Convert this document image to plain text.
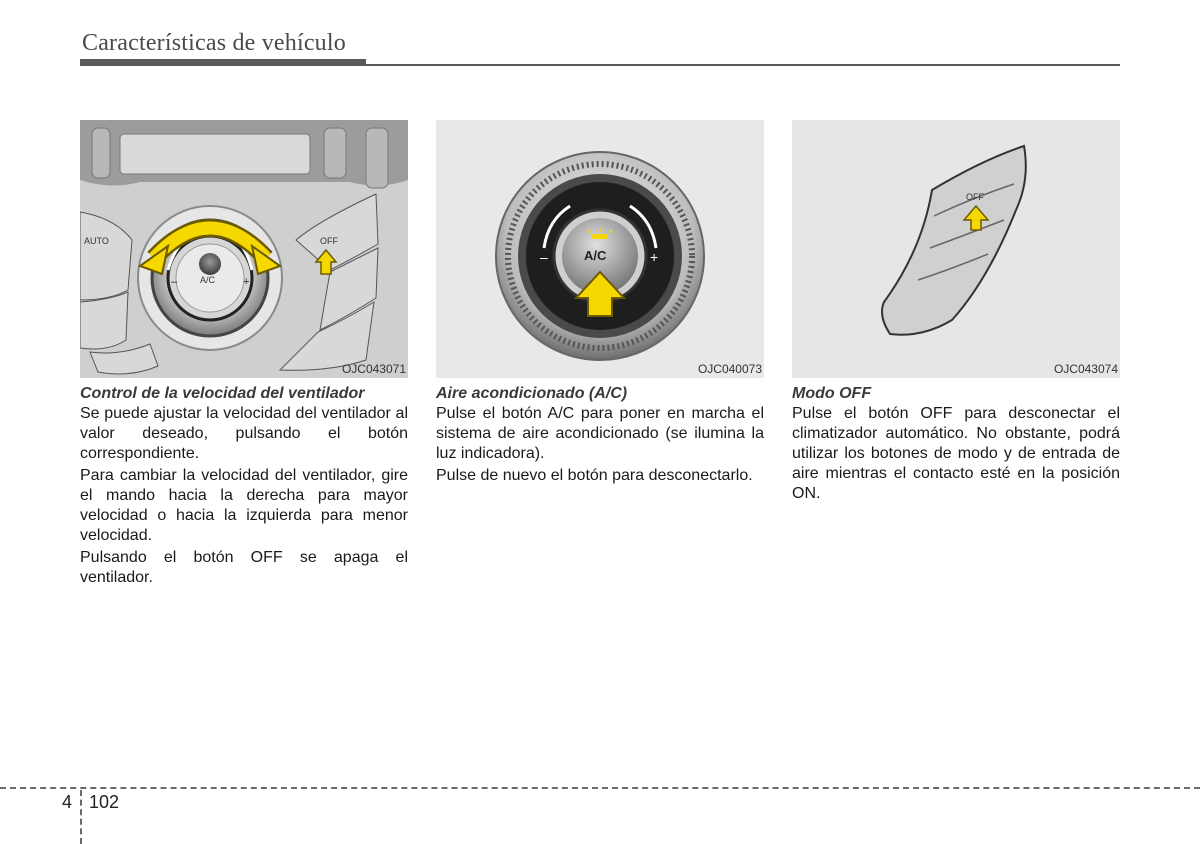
Características de vehículo
AUTO	OFF
A/C
–	+
OJC043071
Control de la velocidad del ventilador

Se puede ajustar la velocidad del ventilador al valor deseado, pulsando el botón correspondiente.

Para cambiar la velocidad del ventilador, gire el mando hacia la derecha para mayor velocidad o hacia la izquierda para menor velocidad.

Pulsando el botón OFF se apaga el ventilador.

A/C
–	+
OJC040073
Aire acondicionado (A/C)

Pulse el botón A/C para poner en marcha el sistema de aire acondicionado (se ilumina la luz indicadora).

Pulse de nuevo el botón para desconectarlo.

OFF
OJC043074
Modo OFF

Pulse el botón OFF para desconectar el climatizador automático. No obstante, podrá utilizar los botones de modo y de entrada de aire mientras el contacto esté en la posición ON.

4 102
